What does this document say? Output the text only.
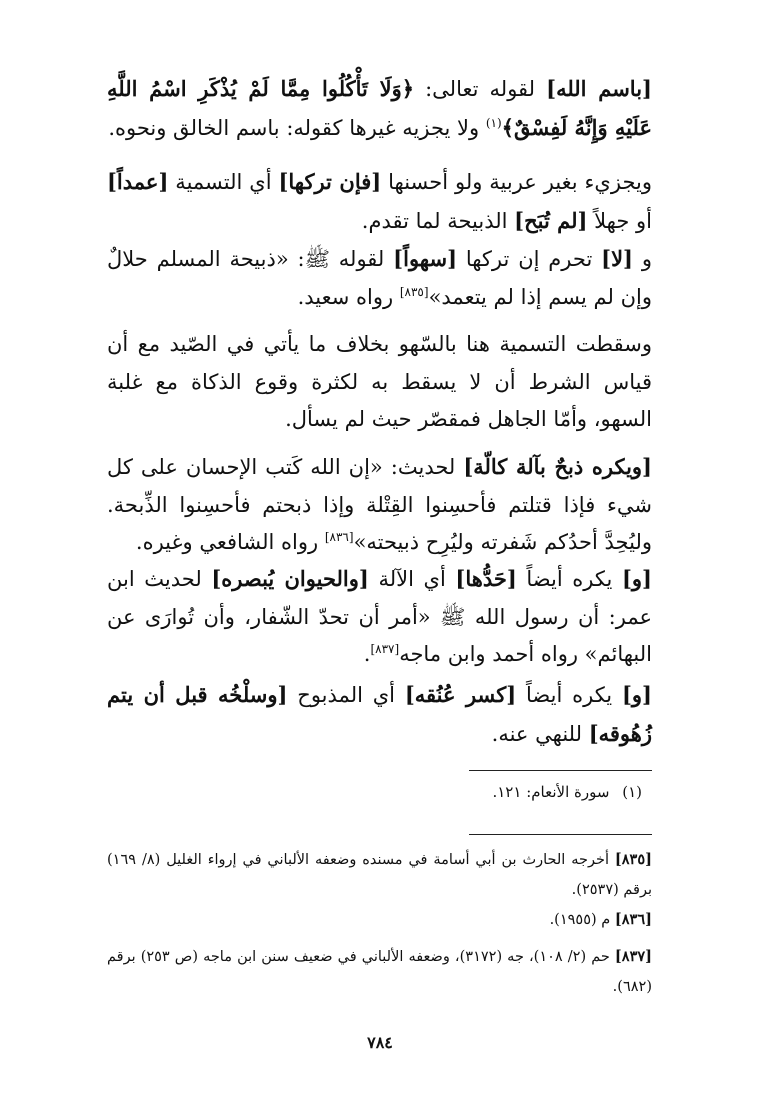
[باسم الله] لقوله تعالى: ﴿وَلَا تَأْكُلُوا مِمَّا لَمْ يُذْكَرِ اسْمُ اللَّهِ عَلَيْهِ وَإِنَّهُ لَفِسْقٌ﴾$^{(١)}$ ولا يجزيه غيرها كقوله: باسم الخالق ونحوه.
ويجزيء بغير عربية ولو أحسنها [فإن تركها] أي التسمية [عمداً] أو جهلاً [لم تُبَح] الذبيحة لما تقدم.
و [لا] تحرم إن تركها [سهواً] لقوله ﷺ: «ذبيحة المسلم حلالٌ وإن لم يسم إذا لم يتعمد»[٨٣٥] رواه سعيد.
وسقطت التسمية هنا بالسّهو بخلاف ما يأتي في الصّيد مع أن قياس الشرط أن لا يسقط به لكثرة وقوع الذكاة مع غلبة السهو، وأمّا الجاهل فمقصّر حيث لم يسأل.
[ويكره ذبحٌ بآلة كالّة] لحديث: «إن الله كَتب الإحسان على كل شيء فإذا قتلتم فأحسِنوا القِتْلة وإذا ذبحتم فأحسِنوا الذِّبحة. وليُحِدَّ أحدُكم شَفرته وليُرِح ذبيحته»[٨٣٦] رواه الشافعي وغيره.
[و] يكره أيضاً [حَدُّها] أي الآلة [والحيوان يُبصره] لحديث ابن عمر: أن رسول الله ﷺ «أمر أن تحدّ الشّفار، وأن تُوارَى عن البهائم» رواه أحمد وابن ماجه[٨٣٧].
[و] يكره أيضاً [كسر عُنُقه] أي المذبوح [وسلْخُه قبل أن يتم زُهُوقه] للنهي عنه.
(١) سورة الأنعام: ١٢١.
[٨٣٥] أخرجه الحارث بن أبي أسامة في مسنده وضعفه الألباني في إرواء الغليل (٨/ ١٦٩) برقم (٢٥٣٧).
[٨٣٦] م (١٩٥٥).
[٨٣٧] حم (٢/ ١٠٨)، جه (٣١٧٢)، وضعفه الألباني في ضعيف سنن ابن ماجه (ص ٢٥٣) برقم (٦٨٢).
٧٨٤
